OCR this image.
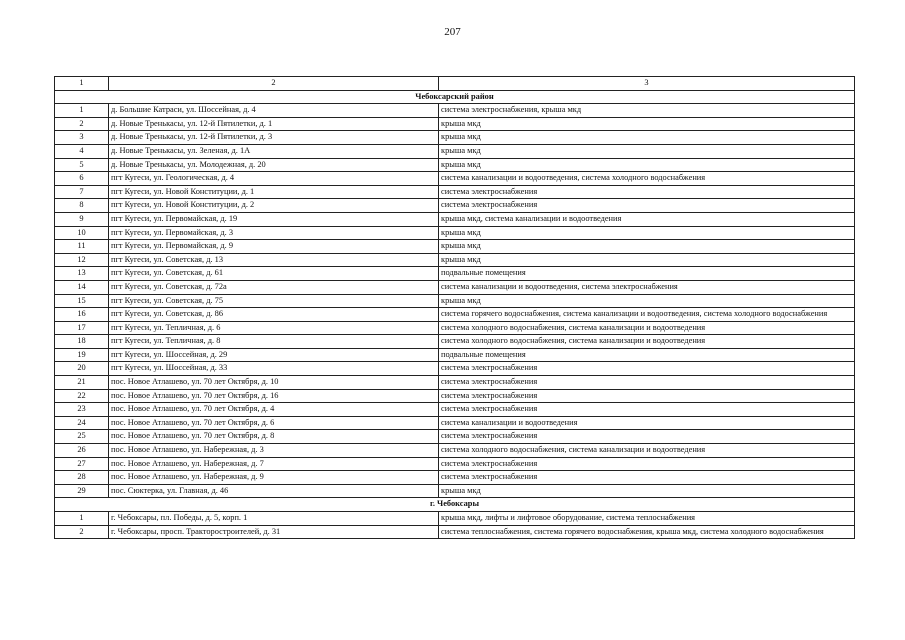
207
1	2	3
Чебоксарский район		
1	д. Большие Катраси, ул. Шоссейная, д. 4	система электроснабжения, крыша мкд
2	д. Новые Тренькасы, ул. 12-й Пятилетки, д. 1	крыша мкд
3	д. Новые Тренькасы, ул. 12-й Пятилетки, д. 3	крыша мкд
4	д. Новые Тренькасы, ул. Зеленая, д. 1А	крыша мкд
5	д. Новые Тренькасы, ул. Молодежная, д. 20	крыша мкд
6	пгт Кугеси, ул. Геологическая, д. 4	система канализации и водоотведения, система холодного водоснабжения
7	пгт Кугеси, ул. Новой Конституции, д. 1	система электроснабжения
8	пгт Кугеси, ул. Новой Конституции, д. 2	система электроснабжения
9	пгт Кугеси, ул. Первомайская, д. 19	крыша мкд, система канализации и водоотведения
10	пгт Кугеси, ул. Первомайская, д. 3	крыша мкд
11	пгт Кугеси, ул. Первомайская, д. 9	крыша мкд
12	пгт Кугеси, ул. Советская, д. 13	крыша мкд
13	пгт Кугеси, ул. Советская, д. 61	подвальные помещения
14	пгт Кугеси, ул. Советская, д. 72а	система канализации и водоотведения, система электроснабжения
15	пгт Кугеси, ул. Советская, д. 75	крыша мкд
16	пгт Кугеси, ул. Советская, д. 86	система горячего водоснабжения, система канализации и водоотведения, система холодного водоснабжения
17	пгт Кугеси, ул. Тепличная, д. 6	система холодного водоснабжения, система канализации и водоотведения
18	пгт Кугеси, ул. Тепличная, д. 8	система холодного водоснабжения, система канализации и водоотведения
19	пгт Кугеси, ул. Шоссейная, д. 29	подвальные помещения
20	пгт Кугеси, ул. Шоссейная, д. 33	система электроснабжения
21	пос. Новое Атлашево, ул. 70 лет Октября, д. 10	система электроснабжения
22	пос. Новое Атлашево, ул. 70 лет Октября, д. 16	система электроснабжения
23	пос. Новое Атлашево, ул. 70 лет Октября, д. 4	система электроснабжения
24	пос. Новое Атлашево, ул. 70 лет Октября, д. 6	система канализации и водоотведения
25	пос. Новое Атлашево, ул. 70 лет Октября, д. 8	система электроснабжения
26	пос. Новое Атлашево, ул. Набережная, д. 3	система холодного водоснабжения, система канализации и водоотведения
27	пос. Новое Атлашево, ул. Набережная, д. 7	система электроснабжения
28	пос. Новое Атлашево, ул. Набережная, д. 9	система электроснабжения
29	пос. Сюктерка, ул. Главная, д. 46	крыша мкд
г. Чебоксары		
1	г. Чебоксары, пл. Победы, д. 5, корп. 1	крыша мкд, лифты и лифтовое оборудование, система теплоснабжения
2	г. Чебоксары, просп. Тракторостроителей, д. 31	система теплоснабжения, система горячего водоснабжения, крыша мкд, система холодного водоснабжения
